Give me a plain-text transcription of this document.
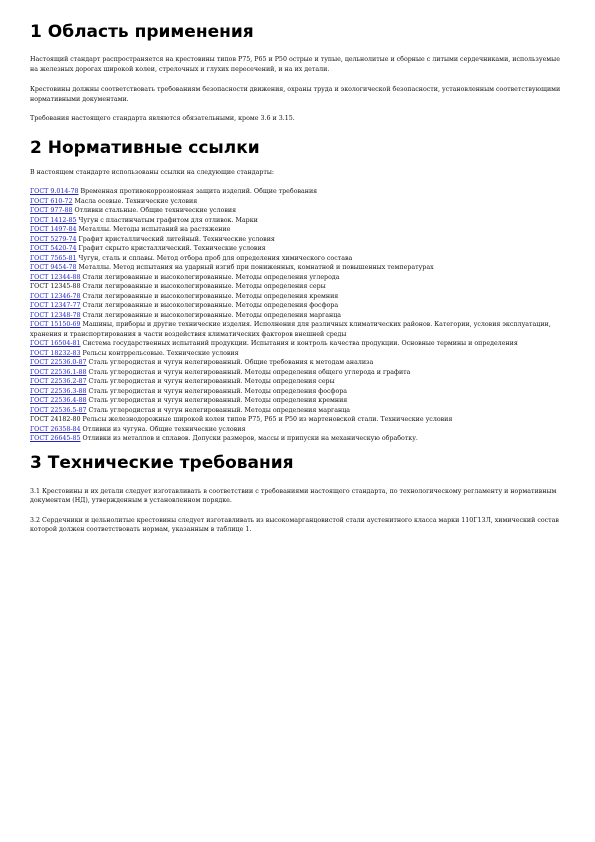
1 Область применения

Настоящий стандарт распространяется на крестовины типов Р75, Р65 и Р50 острые и тупые, цельнолитые и сборные с литыми сердечниками, используемые на железных дорогах широкой колеи, стрелочных и глухих пересечений, и на их детали.

Крестовины должны соответствовать требованиям безопасности движения, охраны труда и экологической безопасности, установленным соответствующими нормативными документами.

Требования настоящего стандарта являются обязательными, кроме 3.6 и 3.15.

2 Нормативные ссылки

В настоящем стандарте использованы ссылки на следующие стандарты:

ГОСТ 9.014-78 Временная противокоррозионная защита изделий. Общие требования

ГОСТ 610-72 Масла осевые. Технические условия

ГОСТ 977-88 Отливки стальные. Общие технические условия

ГОСТ 1412-85 Чугун с пластинчатым графитом для отливок. Марки

ГОСТ 1497-84 Металлы. Методы испытаний на растяжение

ГОСТ 5279-74 Графит кристаллический литейный. Технические условия

ГОСТ 5420-74 Графит скрыто кристаллический. Технические условия

ГОСТ 7565-81 Чугун, сталь и сплавы. Метод отбора проб для определения химического состава

ГОСТ 9454-78 Металлы. Метод испытания на ударный изгиб при пониженных, комнатной и повышенных температурах

ГОСТ 12344-88 Стали легированные и высоколегированные. Методы определения углерода

ГОСТ 12345-88 Стали легированные и высоколегированные. Методы определения серы

ГОСТ 12346-78 Стали легированные и высоколегированные. Методы определения кремния

ГОСТ 12347-77 Стали легированные и высоколегированные. Методы определения фосфора

ГОСТ 12348-78 Стали легированные и высоколегированные. Методы определения марганца

ГОСТ 15150-69 Машины, приборы и другие технические изделия. Исполнения для различных климатических районов. Категории, условия эксплуатации, хранения и транспортирования в части воздействия климатических факторов внешней среды

ГОСТ 16504-81 Система государственных испытаний продукции. Испытания и контроль качества продукции. Основные термины и определения

ГОСТ 18232-83 Рельсы контррельсовые. Технические условия

ГОСТ 22536.0-87 Сталь углеродистая и чугун нелегированный. Общие требования к методам анализа

ГОСТ 22536.1-88 Сталь углеродистая и чугун нелегированный. Методы определения общего углерода и графита

ГОСТ 22536.2-87 Сталь углеродистая и чугун нелегированный. Методы определения серы

ГОСТ 22536.3-88 Сталь углеродистая и чугун нелегированный. Методы определения фосфора

ГОСТ 22536.4-88 Сталь углеродистая и чугун нелегированный. Методы определения кремния

ГОСТ 22536.5-87 Сталь углеродистая и чугун нелегированный. Методы определения марганца

ГОСТ 24182-80 Рельсы железнодорожные широкой колеи типов Р75, Р65 и Р50 из мартеновской стали. Технические условия

ГОСТ 26358-84 Отливки из чугуна. Общие технические условия

ГОСТ 26645-85 Отливки из металлов и сплавов. Допуски размеров, массы и припуски на механическую обработку.

3 Технические требования

3.1 Крестовины и их детали следует изготавливать в соответствии с требованиями настоящего стандарта, по технологическому регламенту и нормативным документам (НД), утвержденным в установленном порядке.

3.2 Сердечники и цельнолитые крестовины следует изготавливать из высокомарганцовистой стали аустенитного класса марки 110Г13Л, химический состав которой должен соответствовать нормам, указанным в таблице 1.
